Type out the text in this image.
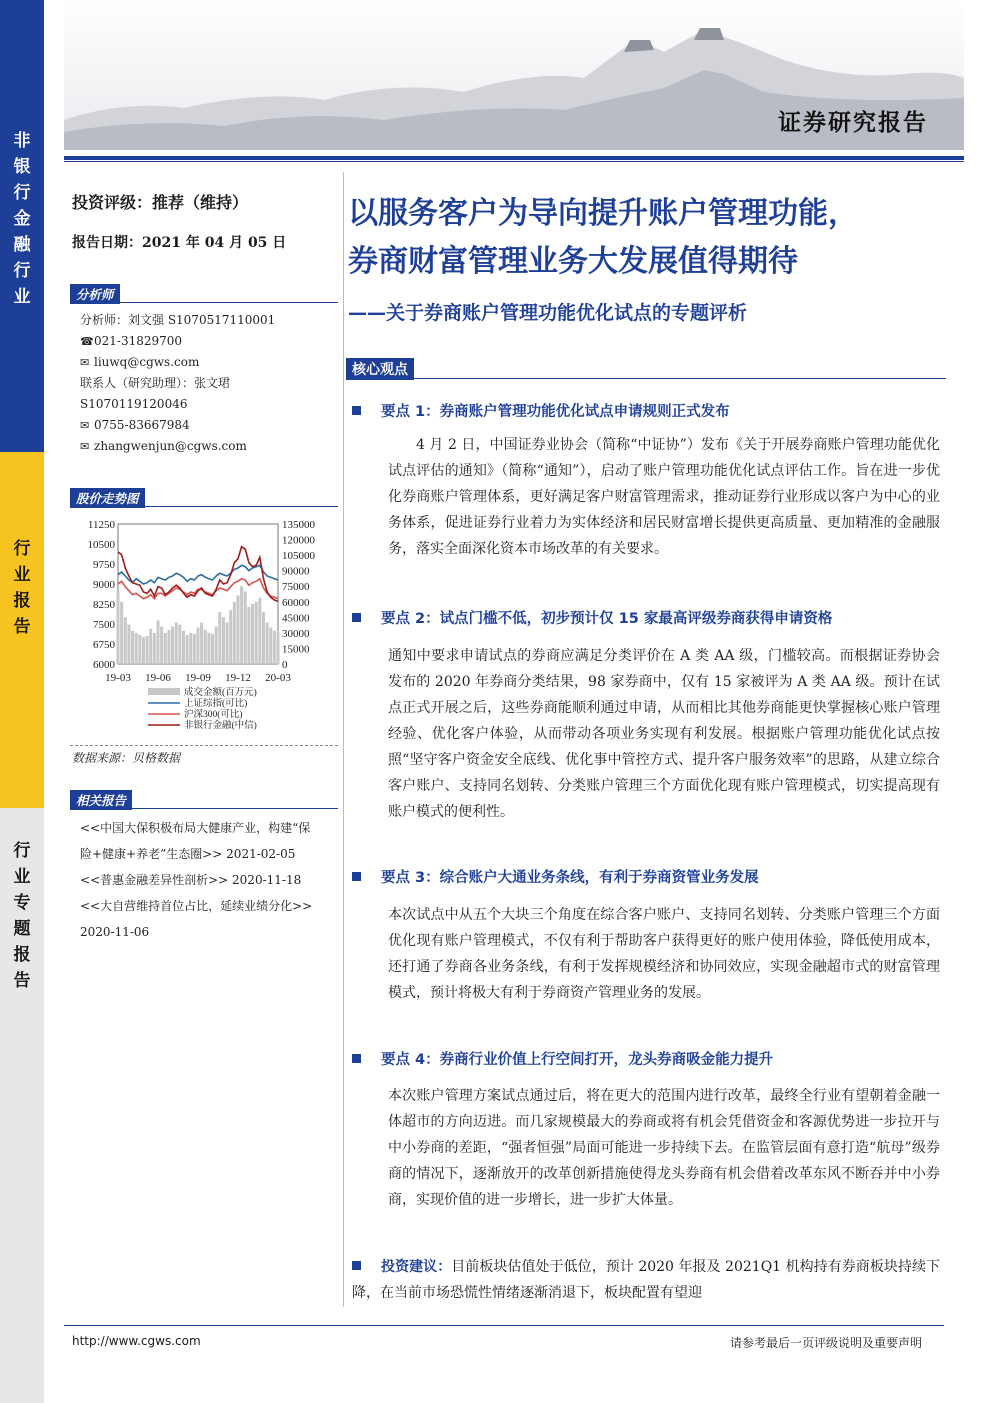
非
银
行
金
融
行
业
行
业
报
告
行
业
专
题
报
告
证券研究报告
投资评级：推荐（维持）
报告日期：2021 年 04 月 05 日
分析师
分析师：刘文强 S1070517110001
☎021-31829700
✉ liuwq@cgws.com
联系人（研究助理）：张文珺
S1070119120046
✉ 0755-83667984
✉ zhangwenjun@cgws.com
股价走势图
11250
10500
9750
9000
8250
7500
6750
6000
135000
120000
105000
90000
75000
60000
45000
30000
15000
0
19-03 19-06 19-09 19-12 20-03
成交金额(百万元)
上证综指(可比)
沪深300(可比)
非银行金融(中信)
数据来源：贝格数据
相关报告
<<中国大保积极布局大健康产业，构建“保
险+健康+养老”生态圈>> 2021-02-05
<<普惠金融差异性剖析>> 2020-11-18
<<大自营维持首位占比，延续业绩分化>>
2020-11-06
以服务客户为导向提升账户管理功能，
券商财富管理业务大发展值得期待
——关于券商账户管理功能优化试点的专题评析
核心观点
要点 1：券商账户管理功能优化试点申请规则正式发布
4 月 2 日，中国证券业协会（简称“中证协”）发布《关于开展券商账户管理功能优化试点评估的通知》（简称“通知”），启动了账户管理功能优化试点评估工作。旨在进一步优化券商账户管理体系，更好满足客户财富管理需求，推动证券行业形成以客户为中心的业务体系，促进证券行业着力为实体经济和居民财富增长提供更高质量、更加精准的金融服务，落实全面深化资本市场改革的有关要求。
要点 2：试点门槛不低，初步预计仅 15 家最高评级券商获得申请资格
通知中要求申请试点的券商应满足分类评价在 A 类 AA 级，门槛较高。而根据证券协会发布的 2020 年券商分类结果，98 家券商中，仅有 15 家被评为 A 类 AA 级。预计在试点正式开展之后，这些券商能顺利通过申请，从而相比其他券商能更快掌握核心账户管理经验、优化客户体验，从而带动各项业务实现有利发展。根据账户管理功能优化试点按照“坚守客户资金安全底线、优化事中管控方式、提升客户服务效率”的思路，从建立综合客户账户、支持同名划转、分类账户管理三个方面优化现有账户管理模式，切实提高现有账户模式的便利性。
要点 3：综合账户大通业务条线，有利于券商资管业务发展
本次试点中从五个大块三个角度在综合客户账户、支持同名划转、分类账户管理三个方面优化现有账户管理模式，不仅有利于帮助客户获得更好的账户使用体验，降低使用成本，还打通了券商各业务条线，有利于发挥规模经济和协同效应，实现金融超市式的财富管理模式，预计将极大有利于券商资产管理业务的发展。
要点 4：券商行业价值上行空间打开，龙头券商吸金能力提升
本次账户管理方案试点通过后，将在更大的范围内进行改革，最终全行业有望朝着金融一体超市的方向迈进。而几家规模最大的券商或将有机会凭借资金和客源优势进一步拉开与中小券商的差距，“强者恒强”局面可能进一步持续下去。在监管层面有意打造“航母”级券商的情况下，逐渐放开的改革创新措施使得龙头券商有机会借着改革东风不断吞并中小券商，实现价值的进一步增长，进一步扩大体量。
投资建议：目前板块估值处于低位，预计 2020 年报及 2021Q1 机构持有券商板块持续下降，在当前市场恐慌性情绪逐渐消退下，板块配置有望迎
http://www.cgws.com	请参考最后一页评级说明及重要声明
